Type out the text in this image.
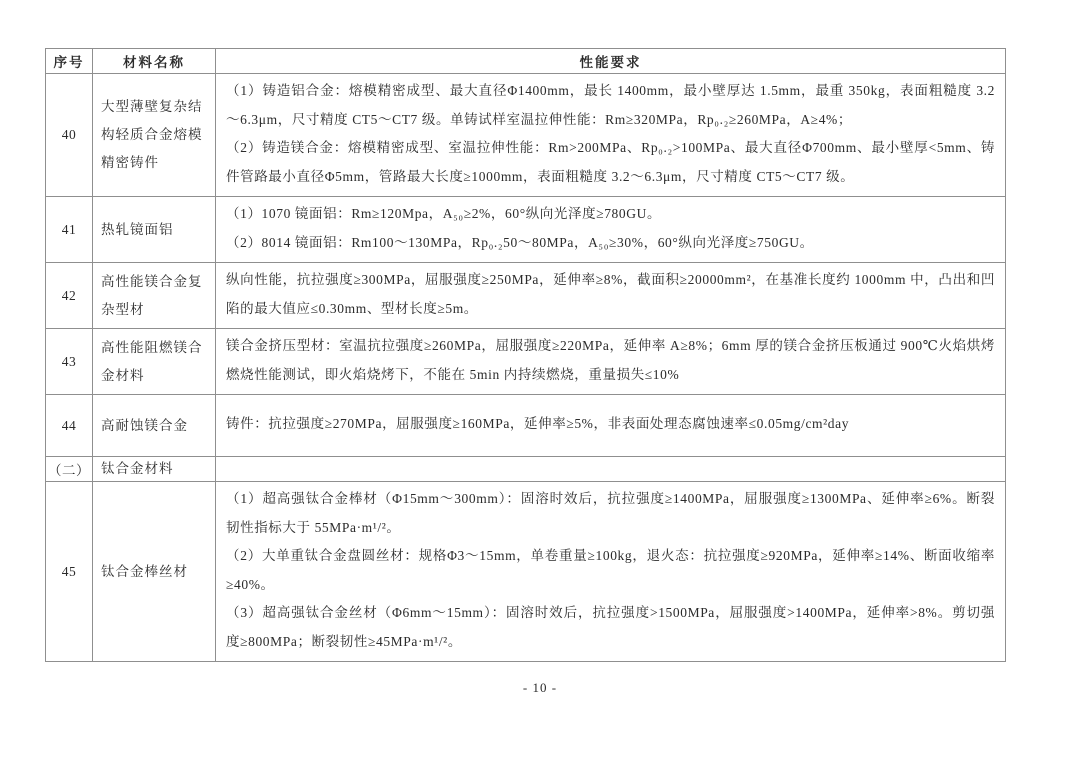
序号	材料名称	性能要求
40	大型薄壁复杂结构轻质合金熔模精密铸件	（1）铸造铝合金：熔模精密成型、最大直径Φ1400mm，最长 1400mm，最小壁厚达 1.5mm，最重 350kg，表面粗糙度 3.2～6.3μm，尺寸精度 CT5～CT7 级。单铸试样室温拉伸性能：Rm≥320MPa，Rp₀.₂≥260MPa，A≥4%；
（2）铸造镁合金：熔模精密成型、室温拉伸性能：Rm>200MPa、Rp₀.₂>100MPa、最大直径Φ700mm、最小壁厚<5mm、铸件管路最小直径Φ5mm，管路最大长度≥1000mm，表面粗糙度 3.2～6.3μm，尺寸精度 CT5～CT7 级。

41	热轧镜面铝	（1）1070 镜面铝：Rm≥120Mpa，A₅₀≥2%，60°纵向光泽度≥780GU。
（2）8014 镜面铝：Rm100～130MPa，Rp₀.₂50～80MPa，A₅₀≥30%，60°纵向光泽度≥750GU。

42	高性能镁合金复杂型材	纵向性能，抗拉强度≥300MPa，屈服强度≥250MPa，延伸率≥8%，截面积≥20000mm²，在基准长度约 1000mm 中，凸出和凹陷的最大值应≤0.30mm、型材长度≥5m。

43	高性能阻燃镁合金材料	镁合金挤压型材：室温抗拉强度≥260MPa，屈服强度≥220MPa，延伸率 A≥8%；6mm 厚的镁合金挤压板通过 900℃火焰烘烤燃烧性能测试，即火焰烧烤下，不能在 5min 内持续燃烧，重量损失≤10%

44	高耐蚀镁合金	铸件：抗拉强度≥270MPa，屈服强度≥160MPa，延伸率≥5%，非表面处理态腐蚀速率≤0.05mg/cm²day

（二）	钛合金材料	
45	钛合金棒丝材	（1）超高强钛合金棒材（Φ15mm～300mm）：固溶时效后，抗拉强度≥1400MPa，屈服强度≥1300MPa、延伸率≥6%。断裂韧性指标大于 55MPa·m¹/²。
（2）大单重钛合金盘圆丝材：规格Φ3～15mm，单卷重量≥100kg，退火态：抗拉强度≥920MPa，延伸率≥14%、断面收缩率≥40%。
（3）超高强钛合金丝材（Φ6mm～15mm）：固溶时效后，抗拉强度>1500MPa，屈服强度>1400MPa，延伸率>8%。剪切强度≥800MPa；断裂韧性≥45MPa·m¹/²。
- 10 -
